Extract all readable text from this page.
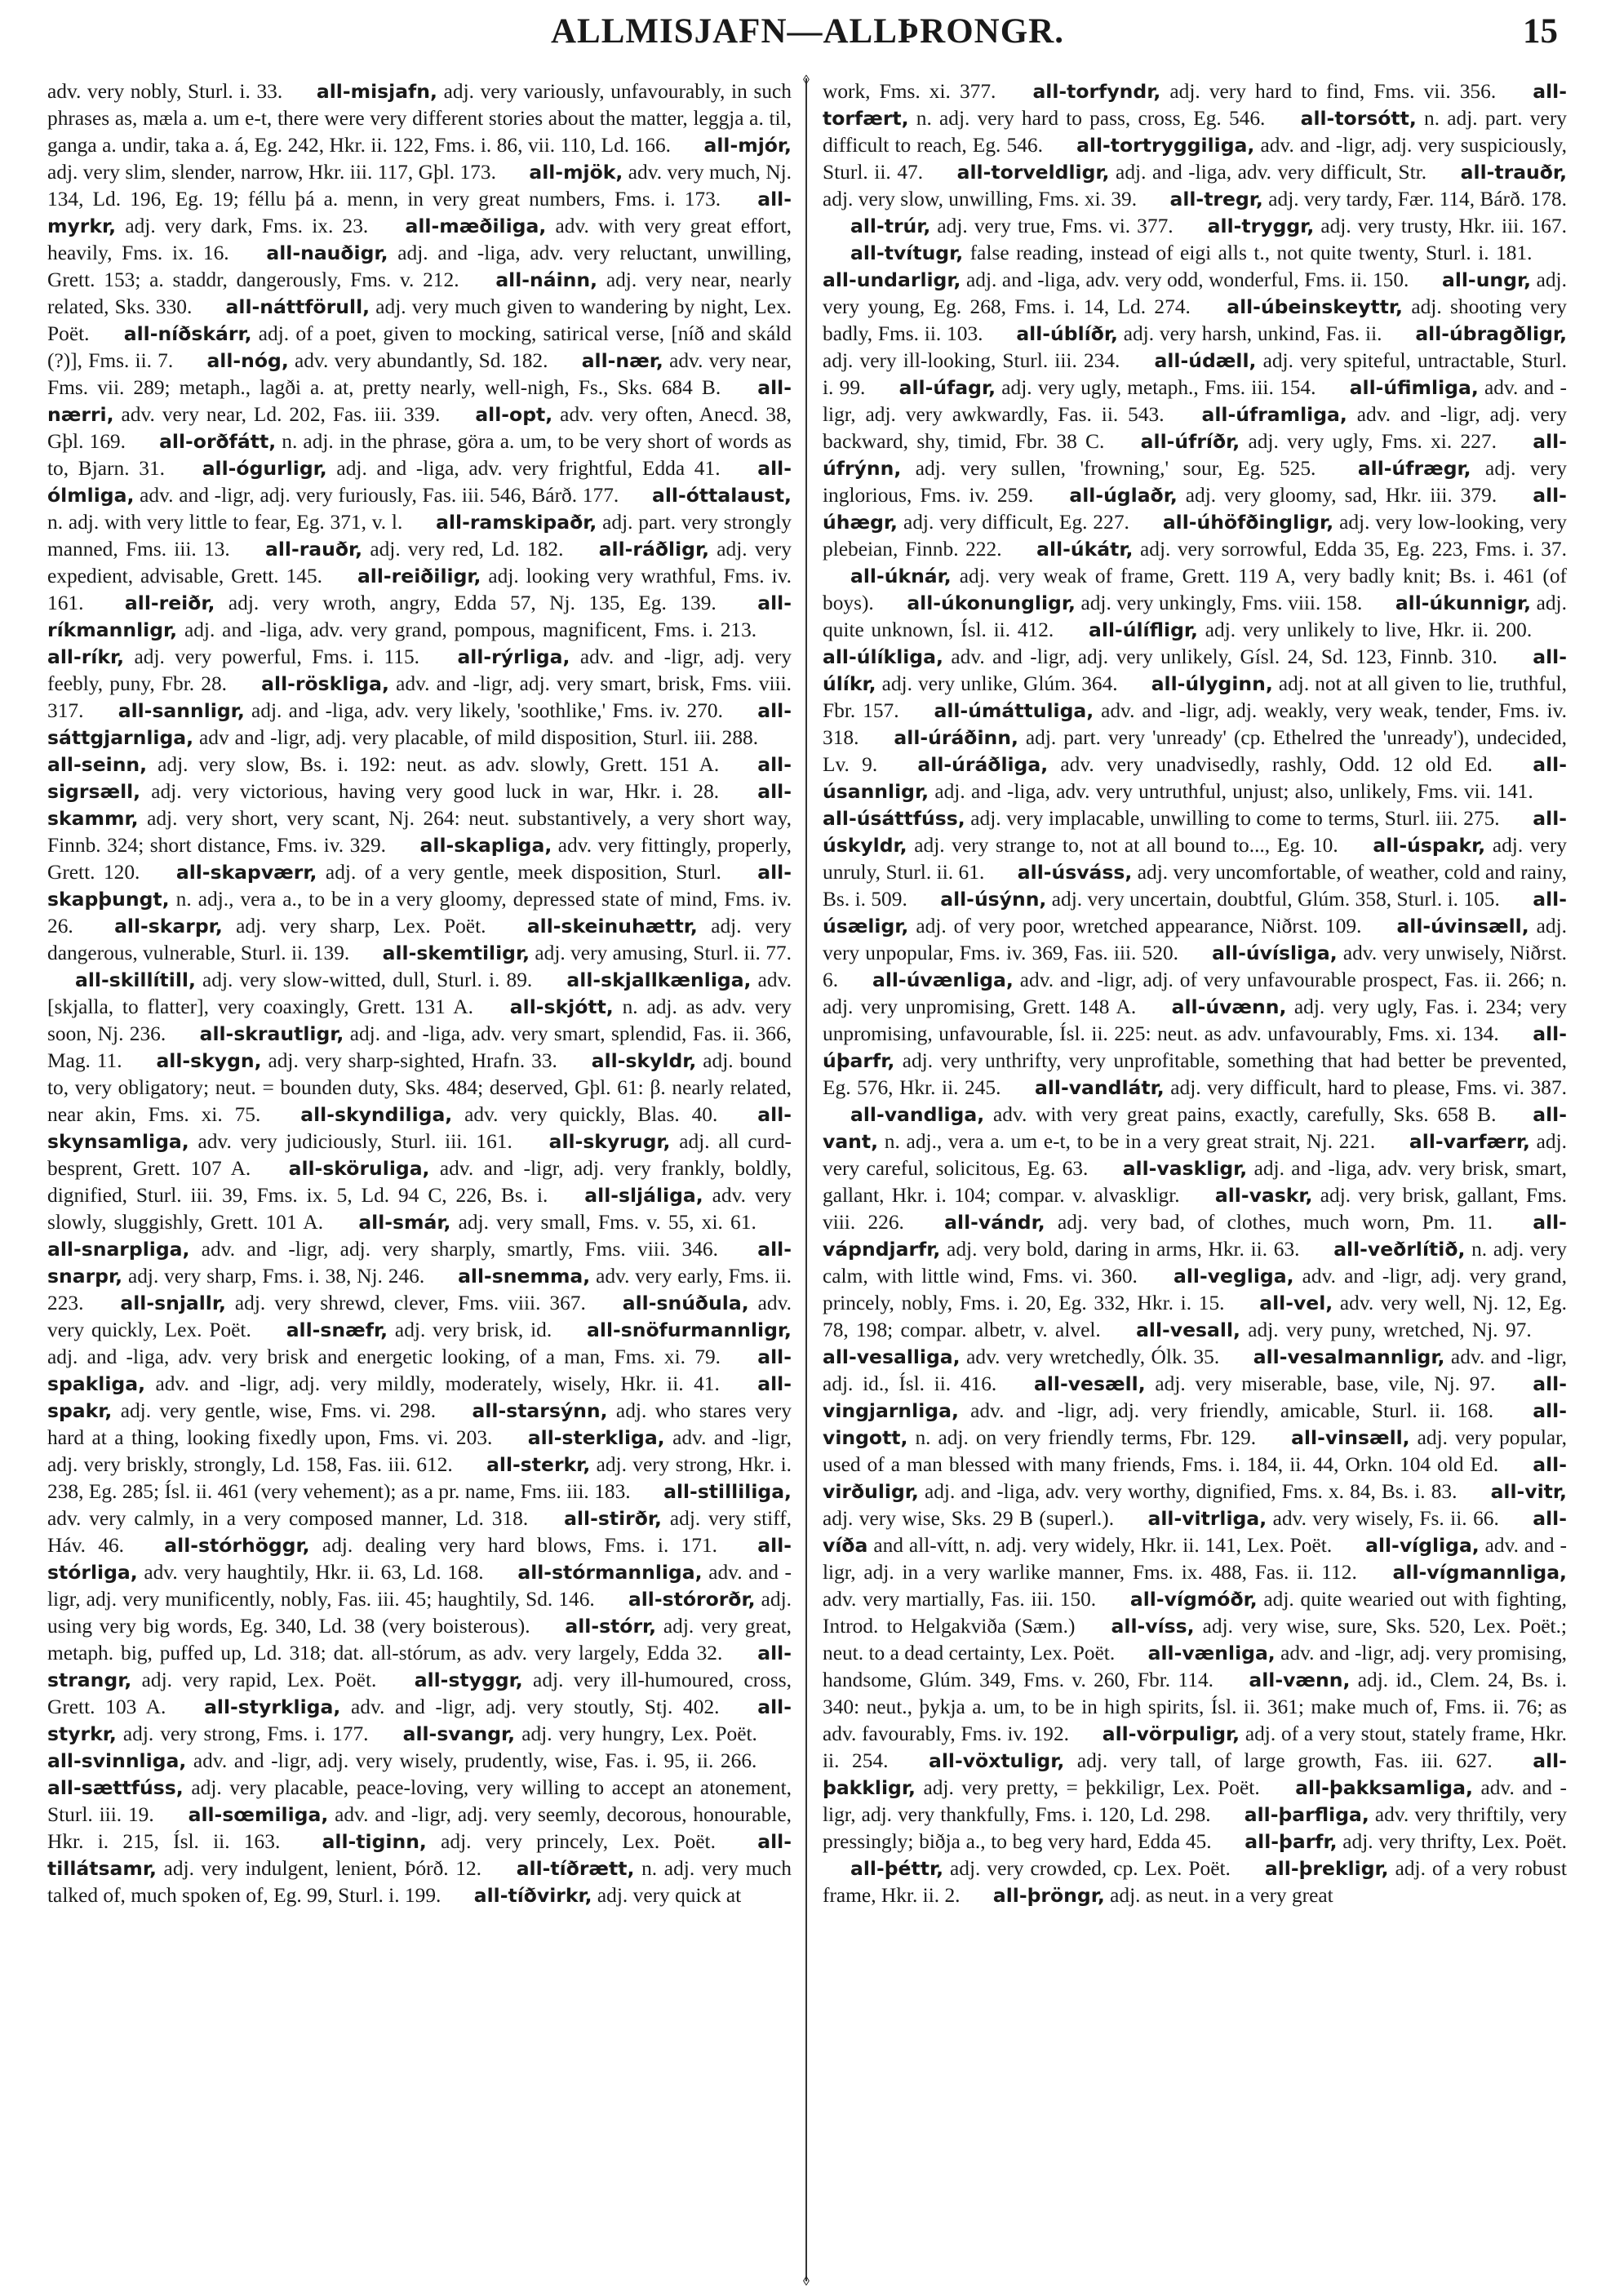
ALLMISJAFN—ALLÞRONGR.	15
adv. very nobly, Sturl. i. 33. all-misjafn, adj. very variously, unfavourably, in such phrases as, mæla a. um e-t, there were very different stories about the matter, leggja a. til, ganga a. undir, taka a. á, Eg. 242, Hkr. ii. 122, Fms. i. 86, vii. 110, Ld. 166. all-mjór, adj. very slim, slender, narrow, Hkr. iii. 117, Gþl. 173. all-mjök, adv. very much, Nj. 134, Ld. 196, Eg. 19; féllu þá a. menn, in very great numbers, Fms. i. 173. all-myrkr, adj. very dark, Fms. ix. 23. all-mæðiliga, adv. with very great effort, heavily, Fms. ix. 16. all-nauðigr, adj. and -liga, adv. very reluctant, unwilling, Grett. 153; a. staddr, dangerously, Fms. v. 212. all-náinn, adj. very near, nearly related, Sks. 330. all-náttförull, adj. very much given to wandering by night, Lex. Poët. all-níðskárr, adj. of a poet, given to mocking, satirical verse, [níð and skáld (?)], Fms. ii. 7. all-nóg, adv. very abundantly, Sd. 182. all-nær, adv. very near, Fms. vii. 289; metaph., lagði a. at, pretty nearly, well-nigh, Fs., Sks. 684 B. all-nærri, adv. very near, Ld. 202, Fas. iii. 339. all-opt, adv. very often, Anecd. 38, Gþl. 169. all-orðfátt, n. adj. in the phrase, göra a. um, to be very short of words as to, Bjarn. 31. all-ógurligr, adj. and -liga, adv. very frightful, Edda 41. all-ólmliga, adv. and -ligr, adj. very furiously, Fas. iii. 546, Bárð. 177. all-óttalaust, n. adj. with very little to fear, Eg. 371, v. l. all-ramskipaðr, adj. part. very strongly manned, Fms. iii. 13. all-rauðr, adj. very red, Ld. 182. all-ráðligr, adj. very expedient, advisable, Grett. 145. all-reiðiligr, adj. looking very wrathful, Fms. iv. 161. all-reiðr, adj. very wroth, angry, Edda 57, Nj. 135, Eg. 139. all-ríkmannligr, adj. and -liga, adv. very grand, pompous, magnificent, Fms. i. 213. all-ríkr, adj. very powerful, Fms. i. 115. all-rýrliga, adv. and -ligr, adj. very feebly, puny, Fbr. 28. all-röskliga, adv. and -ligr, adj. very smart, brisk, Fms. viii. 317. all-sannligr, adj. and -liga, adv. very likely, 'soothlike,' Fms. iv. 270. all-sáttgjarnliga, adv and -ligr, adj. very placable, of mild disposition, Sturl. iii. 288. all-seinn, adj. very slow, Bs. i. 192: neut. as adv. slowly, Grett. 151 A. all-sigrsæll, adj. very victorious, having very good luck in war, Hkr. i. 28. all-skammr, adj. very short, very scant, Nj. 264: neut. substantively, a very short way, Finnb. 324; short distance, Fms. iv. 329. all-skapliga, adv. very fittingly, properly, Grett. 120. all-skapværr, adj. of a very gentle, meek disposition, Sturl. all-skapþungt, n. adj., vera a., to be in a very gloomy, depressed state of mind, Fms. iv. 26. all-skarpr, adj. very sharp, Lex. Poët. all-skeinuhættr, adj. very dangerous, vulnerable, Sturl. ii. 139. all-skemtiligr, adj. very amusing, Sturl. ii. 77. all-skillítill, adj. very slow-witted, dull, Sturl. i. 89. all-skjallkænliga, adv. [skjalla, to flatter], very coaxingly, Grett. 131 A. all-skjótt, n. adj. as adv. very soon, Nj. 236. all-skrautligr, adj. and -liga, adv. very smart, splendid, Fas. ii. 366, Mag. 11. all-skygn, adj. very sharp-sighted, Hrafn. 33. all-skyldr, adj. bound to, very obligatory; neut. = bounden duty, Sks. 484; deserved, Gþl. 61: β. nearly related, near akin, Fms. xi. 75. all-skyndiliga, adv. very quickly, Blas. 40. all-skynsamliga, adv. very judiciously, Sturl. iii. 161. all-skyrugr, adj. all curd-besprent, Grett. 107 A. all-sköruliga, adv. and -ligr, adj. very frankly, boldly, dignified, Sturl. iii. 39, Fms. ix. 5, Ld. 94 C, 226, Bs. i. all-sljáliga, adv. very slowly, sluggishly, Grett. 101 A. all-smár, adj. very small, Fms. v. 55, xi. 61. all-snarpliga, adv. and -ligr, adj. very sharply, smartly, Fms. viii. 346. all-snarpr, adj. very sharp, Fms. i. 38, Nj. 246. all-snemma, adv. very early, Fms. ii. 223. all-snjallr, adj. very shrewd, clever, Fms. viii. 367. all-snúðula, adv. very quickly, Lex. Poët. all-snæfr, adj. very brisk, id. all-snöfurmannligr, adj. and -liga, adv. very brisk and energetic looking, of a man, Fms. xi. 79. all-spakliga, adv. and -ligr, adj. very mildly, moderately, wisely, Hkr. ii. 41. all-spakr, adj. very gentle, wise, Fms. vi. 298. all-starsýnn, adj. who stares very hard at a thing, looking fixedly upon, Fms. vi. 203. all-sterkliga, adv. and -ligr, adj. very briskly, strongly, Ld. 158, Fas. iii. 612. all-sterkr, adj. very strong, Hkr. i. 238, Eg. 285; Ísl. ii. 461 (very vehement); as a pr. name, Fms. iii. 183. all-stilliliga, adv. very calmly, in a very composed manner, Ld. 318. all-stirðr, adj. very stiff, Háv. 46. all-stórhöggr, adj. dealing very hard blows, Fms. i. 171. all-stórliga, adv. very haughtily, Hkr. ii. 63, Ld. 168. all-stórmannliga, adv. and -ligr, adj. very munificently, nobly, Fas. iii. 45; haughtily, Sd. 146. all-stórorðr, adj. using very big words, Eg. 340, Ld. 38 (very boisterous). all-stórr, adj. very great, metaph. big, puffed up, Ld. 318; dat. all-stórum, as adv. very largely, Edda 32. all-strangr, adj. very rapid, Lex. Poët. all-styggr, adj. very ill-humoured, cross, Grett. 103 A. all-styrkliga, adv. and -ligr, adj. very stoutly, Stj. 402. all-styrkr, adj. very strong, Fms. i. 177. all-svangr, adj. very hungry, Lex. Poët. all-svinnliga, adv. and -ligr, adj. very wisely, prudently, wise, Fas. i. 95, ii. 266. all-sættfúss, adj. very placable, peace-loving, very willing to accept an atonement, Sturl. iii. 19. all-sœmiliga, adv. and -ligr, adj. very seemly, decorous, honourable, Hkr. i. 215, Ísl. ii. 163. all-tiginn, adj. very princely, Lex. Poët. all-tillátsamr, adj. very indulgent, lenient, Þórð. 12. all-tíðrætt, n. adj. very much talked of, much spoken of, Eg. 99, Sturl. i. 199. all-tíðvirkr, adj. very quick at
◊
◊
work, Fms. xi. 377. all-torfyndr, adj. very hard to find, Fms. vii. 356. all-torfært, n. adj. very hard to pass, cross, Eg. 546. all-torsótt, n. adj. part. very difficult to reach, Eg. 546. all-tortryggiliga, adv. and -ligr, adj. very suspiciously, Sturl. ii. 47. all-torveldligr, adj. and -liga, adv. very difficult, Str. all-trauðr, adj. very slow, unwilling, Fms. xi. 39. all-tregr, adj. very tardy, Fær. 114, Bárð. 178. all-trúr, adj. very true, Fms. vi. 377. all-tryggr, adj. very trusty, Hkr. iii. 167. all-tvítugr, false reading, instead of eigi alls t., not quite twenty, Sturl. i. 181. all-undarligr, adj. and -liga, adv. very odd, wonderful, Fms. ii. 150. all-ungr, adj. very young, Eg. 268, Fms. i. 14, Ld. 274. all-úbeinskeyttr, adj. shooting very badly, Fms. ii. 103. all-úblíðr, adj. very harsh, unkind, Fas. ii. all-úbragðligr, adj. very ill-looking, Sturl. iii. 234. all-údæll, adj. very spiteful, untractable, Sturl. i. 99. all-úfagr, adj. very ugly, metaph., Fms. iii. 154. all-úfimliga, adv. and -ligr, adj. very awkwardly, Fas. ii. 543. all-úframliga, adv. and -ligr, adj. very backward, shy, timid, Fbr. 38 C. all-úfríðr, adj. very ugly, Fms. xi. 227. all-úfrýnn, adj. very sullen, 'frowning,' sour, Eg. 525. all-úfrægr, adj. very inglorious, Fms. iv. 259. all-úglaðr, adj. very gloomy, sad, Hkr. iii. 379. all-úhægr, adj. very difficult, Eg. 227. all-úhöfðingligr, adj. very low-looking, very plebeian, Finnb. 222. all-úkátr, adj. very sorrowful, Edda 35, Eg. 223, Fms. i. 37. all-úknár, adj. very weak of frame, Grett. 119 A, very badly knit; Bs. i. 461 (of boys). all-úkonungligr, adj. very unkingly, Fms. viii. 158. all-úkunnigr, adj. quite unknown, Ísl. ii. 412. all-úlífligr, adj. very unlikely to live, Hkr. ii. 200. all-úlíkliga, adv. and -ligr, adj. very unlikely, Gísl. 24, Sd. 123, Finnb. 310. all-úlíkr, adj. very unlike, Glúm. 364. all-úlyginn, adj. not at all given to lie, truthful, Fbr. 157. all-úmáttuliga, adv. and -ligr, adj. weakly, very weak, tender, Fms. iv. 318. all-úráðinn, adj. part. very 'unready' (cp. Ethelred the 'unready'), undecided, Lv. 9. all-úráðliga, adv. very unadvisedly, rashly, Odd. 12 old Ed. all-úsannligr, adj. and -liga, adv. very untruthful, unjust; also, unlikely, Fms. vii. 141. all-úsáttfúss, adj. very implacable, unwilling to come to terms, Sturl. iii. 275. all-úskyldr, adj. very strange to, not at all bound to..., Eg. 10. all-úspakr, adj. very unruly, Sturl. ii. 61. all-úsváss, adj. very uncomfortable, of weather, cold and rainy, Bs. i. 509. all-úsýnn, adj. very uncertain, doubtful, Glúm. 358, Sturl. i. 105. all-úsæligr, adj. of very poor, wretched appearance, Niðrst. 109. all-úvinsæll, adj. very unpopular, Fms. iv. 369, Fas. iii. 520. all-úvísliga, adv. very unwisely, Niðrst. 6. all-úvænliga, adv. and -ligr, adj. of very unfavourable prospect, Fas. ii. 266; n. adj. very unpromising, Grett. 148 A. all-úvænn, adj. very ugly, Fas. i. 234; very unpromising, unfavourable, Ísl. ii. 225: neut. as adv. unfavourably, Fms. xi. 134. all-úþarfr, adj. very unthrifty, very unprofitable, something that had better be prevented, Eg. 576, Hkr. ii. 245. all-vandlátr, adj. very difficult, hard to please, Fms. vi. 387. all-vandliga, adv. with very great pains, exactly, carefully, Sks. 658 B. all-vant, n. adj., vera a. um e-t, to be in a very great strait, Nj. 221. all-varfærr, adj. very careful, solicitous, Eg. 63. all-vaskligr, adj. and -liga, adv. very brisk, smart, gallant, Hkr. i. 104; compar. v. alvaskligr. all-vaskr, adj. very brisk, gallant, Fms. viii. 226. all-vándr, adj. very bad, of clothes, much worn, Pm. 11. all-vápndjarfr, adj. very bold, daring in arms, Hkr. ii. 63. all-veðrlítið, n. adj. very calm, with little wind, Fms. vi. 360. all-vegliga, adv. and -ligr, adj. very grand, princely, nobly, Fms. i. 20, Eg. 332, Hkr. i. 15. all-vel, adv. very well, Nj. 12, Eg. 78, 198; compar. albetr, v. alvel. all-vesall, adj. very puny, wretched, Nj. 97. all-vesalliga, adv. very wretchedly, Ólk. 35. all-vesalmannligr, adv. and -ligr, adj. id., Ísl. ii. 416. all-vesæll, adj. very miserable, base, vile, Nj. 97. all-vingjarnliga, adv. and -ligr, adj. very friendly, amicable, Sturl. ii. 168. all-vingott, n. adj. on very friendly terms, Fbr. 129. all-vinsæll, adj. very popular, used of a man blessed with many friends, Fms. i. 184, ii. 44, Orkn. 104 old Ed. all-virðuligr, adj. and -liga, adv. very worthy, dignified, Fms. x. 84, Bs. i. 83. all-vitr, adj. very wise, Sks. 29 B (superl.). all-vitrliga, adv. very wisely, Fs. ii. 66. all-víða and all-vítt, n. adj. very widely, Hkr. ii. 141, Lex. Poët. all-vígliga, adv. and -ligr, adj. in a very warlike manner, Fms. ix. 488, Fas. ii. 112. all-vígmannliga, adv. very martially, Fas. iii. 150. all-vígmóðr, adj. quite wearied out with fighting, Introd. to Helgakviða (Sæm.) all-víss, adj. very wise, sure, Sks. 520, Lex. Poët.; neut. to a dead certainty, Lex. Poët. all-vænliga, adv. and -ligr, adj. very promising, handsome, Glúm. 349, Fms. v. 260, Fbr. 114. all-vænn, adj. id., Clem. 24, Bs. i. 340: neut., þykja a. um, to be in high spirits, Ísl. ii. 361; make much of, Fms. ii. 76; as adv. favourably, Fms. iv. 192. all-vörpuligr, adj. of a very stout, stately frame, Hkr. ii. 254. all-vöxtuligr, adj. very tall, of large growth, Fas. iii. 627. all-þakkligr, adj. very pretty, = þekkiligr, Lex. Poët. all-þakksamliga, adv. and -ligr, adj. very thankfully, Fms. i. 120, Ld. 298. all-þarfliga, adv. very thriftily, very pressingly; biðja a., to beg very hard, Edda 45. all-þarfr, adj. very thrifty, Lex. Poët. all-þéttr, adj. very crowded, cp. Lex. Poët. all-þrekligr, adj. of a very robust frame, Hkr. ii. 2. all-þröngr, adj. as neut. in a very great
